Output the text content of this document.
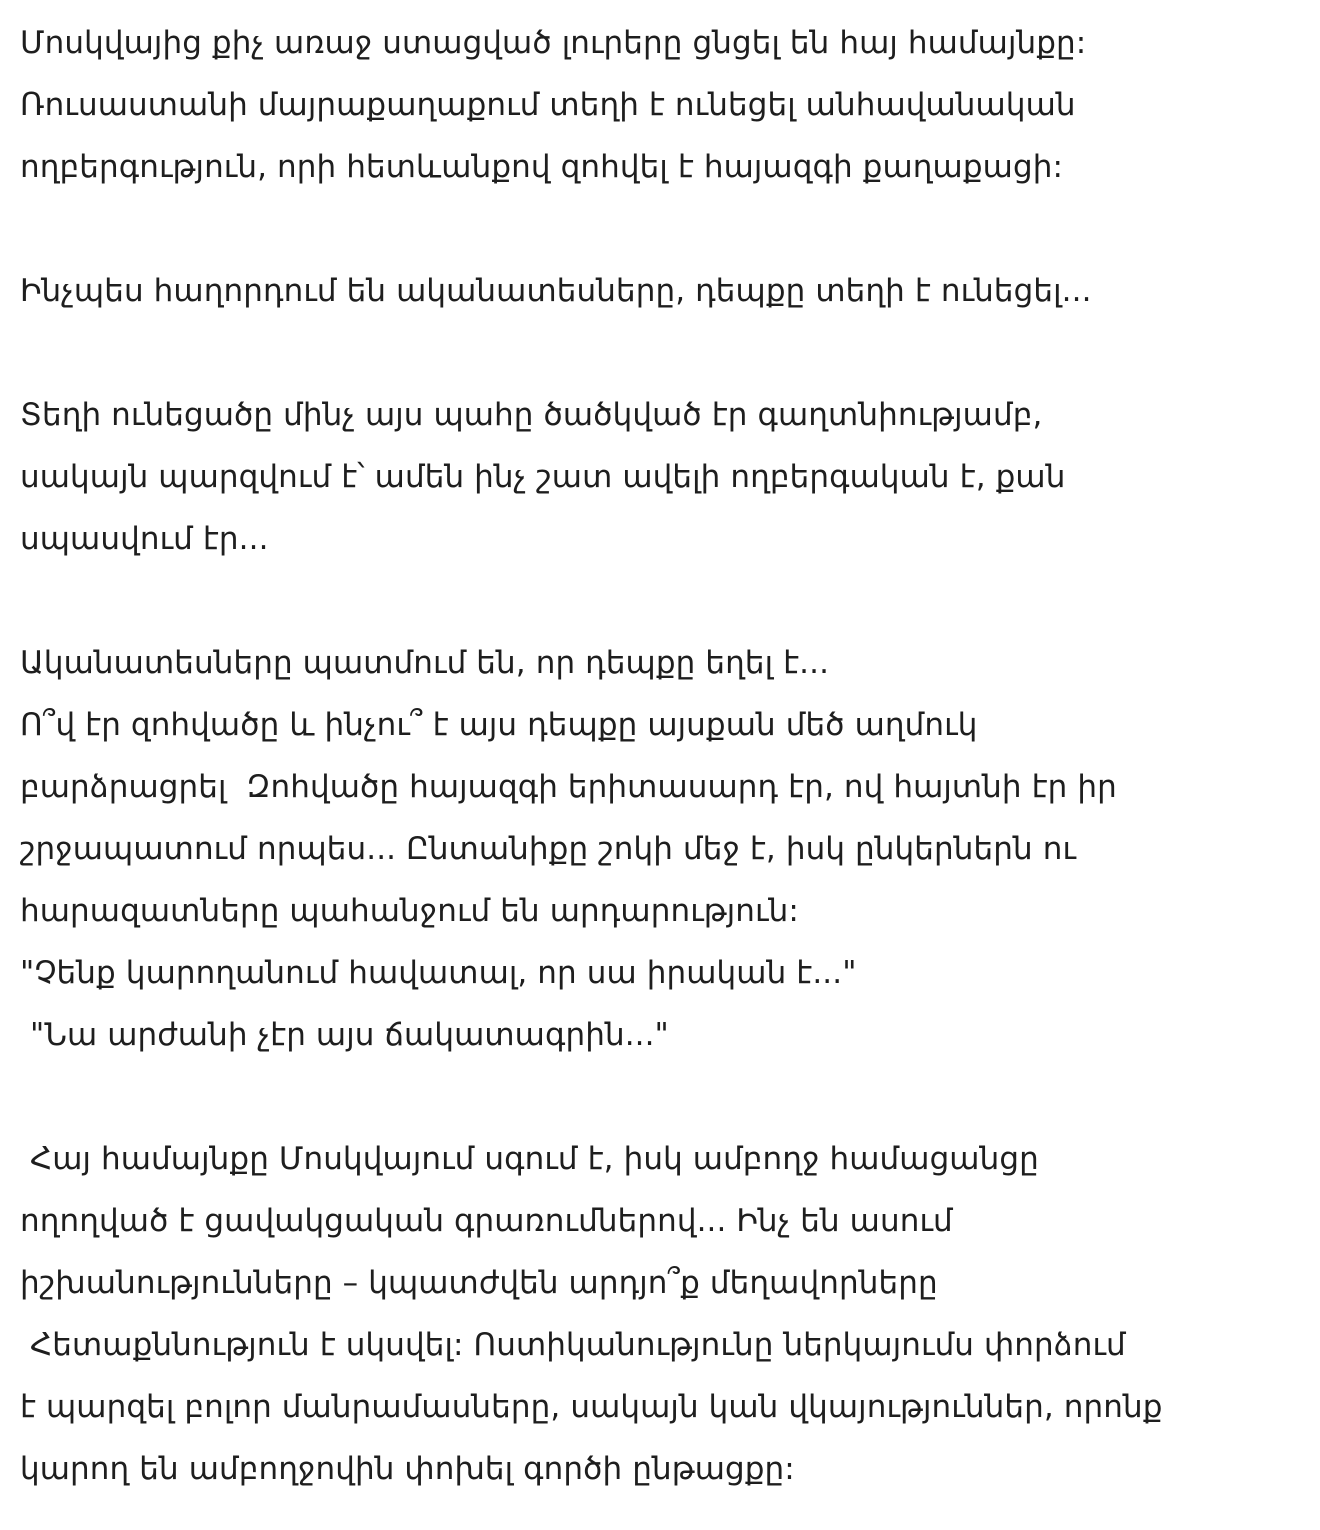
Մոսկվայից քիչ առաջ ստացված լուրերը ցնցել են հայ համայնքը:

Ռուսաստանի մայրաքաղաքում տեղի է ունեցել անհավանական

ողբերգություն, որի հետևանքով զոհվել է հայազգի քաղաքացի:

Ինչպես հաղորդում են ականատեսները, դեպքը տեղի է ունեցել...

Տեղի ունեցածը մինչ այս պահը ծածկված էր գաղտնիությամբ,

սակայն պարզվում է՝ ամեն ինչ շատ ավելի ողբերգական է, քան

սպասվում էր...

Ականատեսները պատմում են, որ դեպքը եղել է...

Ո՞վ էր զոհվածը և ինչու՞ է այս դեպքը այսքան մեծ աղմուկ

բարձրացրել  Զոհվածը հայազգի երիտասարդ էր, ով հայտնի էր իր

շրջապատում որպես... Ընտանիքը շոկի մեջ է, իսկ ընկերներն ու

հարազատները պահանջում են արդարություն:

"Չենք կարողանում հավատալ, որ սա իրական է..."

"Նա արժանի չէր այս ճակատագրին..."

Հայ համայնքը Մոսկվայում սգում է, իսկ ամբողջ համացանցը

ողողված է ցավակցական գրառումներով... Ինչ են ասում

իշխանությունները – կպատժվեն արդյո՞ք մեղավորները

Հետաքննություն է սկսվել: Ոստիկանությունը ներկայումս փորձում

է պարզել բոլոր մանրամասները, սակայն կան վկայություններ, որոնք

կարող են ամբողջովին փոխել գործի ընթացքը:
